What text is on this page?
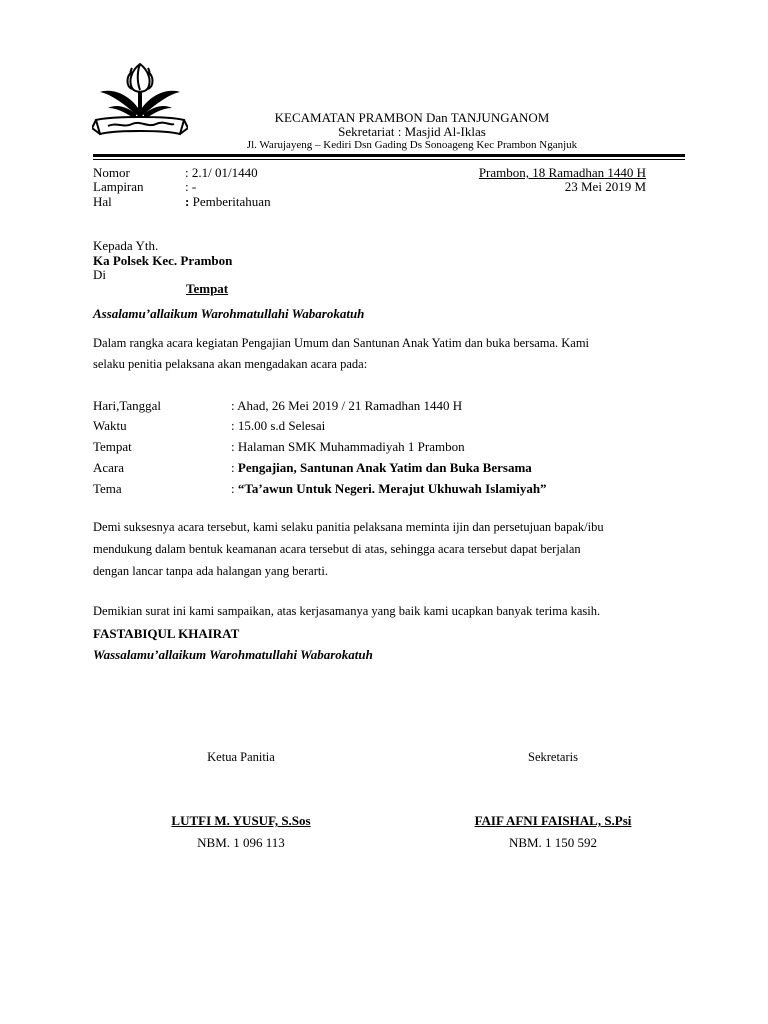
KECAMATAN PRAMBON Dan TANJUNGANOM
Sekretariat : Masjid Al-Iklas
Jl. Warujayeng – Kediri Dsn Gading Ds Sonoageng Kec Prambon Nganjuk
Nomor	: 2.1/ 01/1440
Lampiran	: -
Hal	: Pemberitahuan
Prambon, 18 Ramadhan 1440 H
23 Mei 2019 M
Kepada Yth.
Ka Polsek Kec. Prambon
Di
Tempat
Assalamu’allaikum Warohmatullahi Wabarokatuh
Dalam rangka acara kegiatan Pengajian Umum dan Santunan Anak Yatim dan buka bersama. Kami
selaku penitia pelaksana akan mengadakan acara pada:
Hari,Tanggal	: Ahad, 26 Mei 2019 / 21 Ramadhan 1440 H
Waktu	: 15.00 s.d Selesai
Tempat	: Halaman SMK Muhammadiyah 1 Prambon
Acara	: Pengajian, Santunan Anak Yatim dan Buka Bersama
Tema	: “Ta’awun Untuk Negeri. Merajut Ukhuwah Islamiyah”
Demi suksesnya acara tersebut, kami selaku panitia pelaksana meminta ijin dan persetujuan bapak/ibu
mendukung dalam bentuk keamanan acara tersebut di atas, sehingga acara tersebut dapat berjalan
dengan lancar tanpa ada halangan yang berarti.
Demikian surat ini kami sampaikan, atas kerjasamanya yang baik kami ucapkan banyak terima kasih.
FASTABIQUL KHAIRAT
Wassalamu’allaikum Warohmatullahi Wabarokatuh
Ketua Panitia
LUTFI M. YUSUF, S.Sos
NBM. 1 096 113
Sekretaris
FAIF AFNI FAISHAL, S.Psi
NBM. 1 150 592
